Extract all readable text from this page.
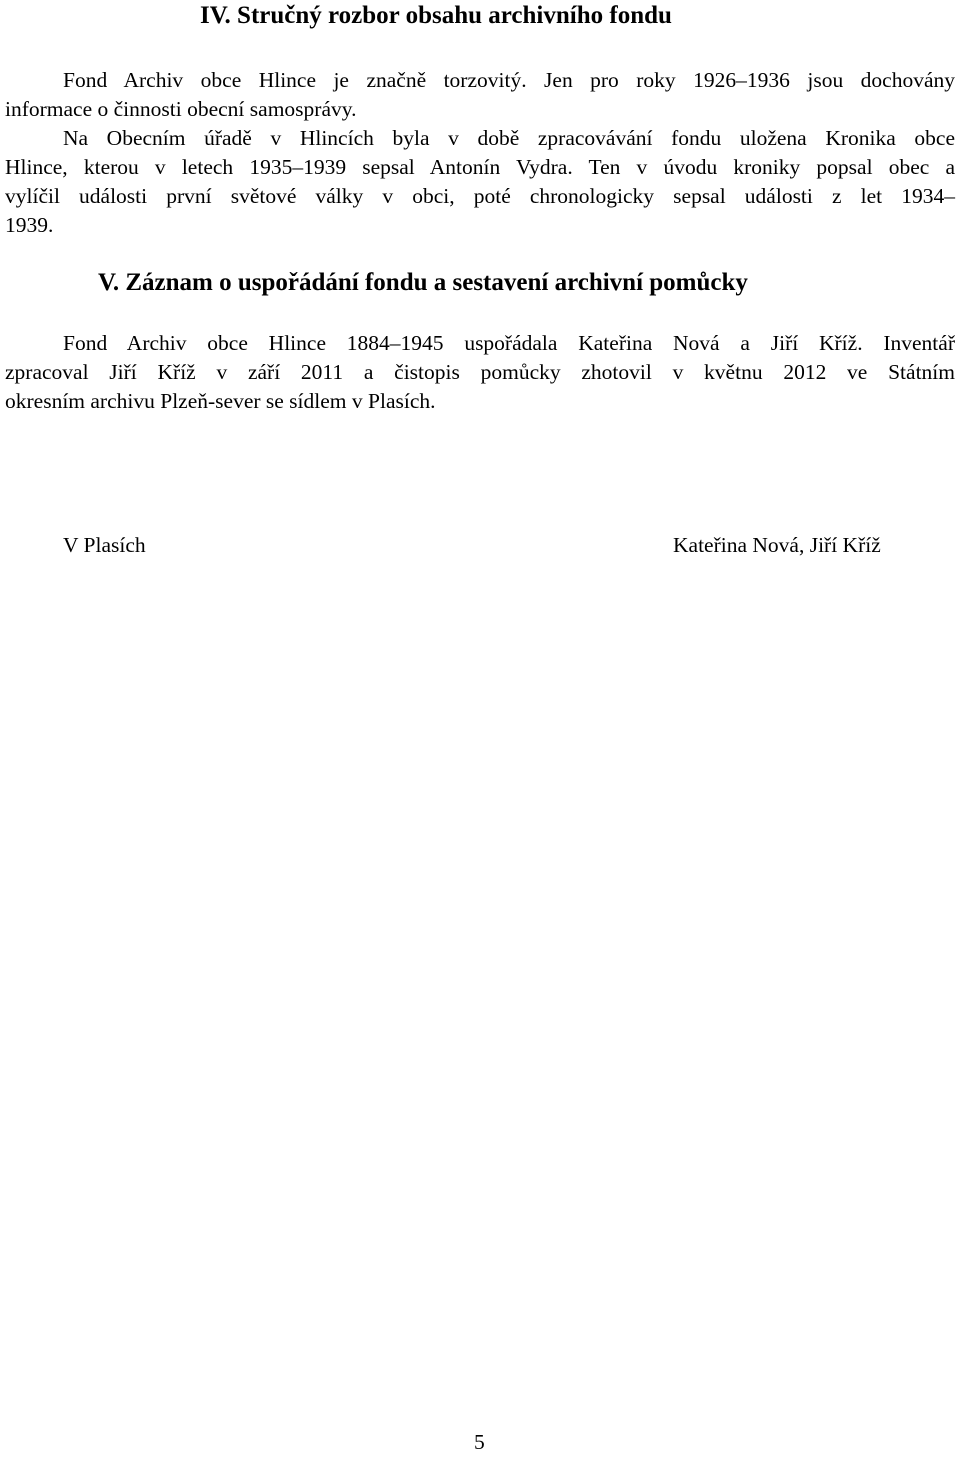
IV. Stručný rozbor obsahu archivního fondu

Fond Archiv obce Hlince je značně torzovitý. Jen pro roky 1926–1936 jsou dochovány
informace o činnosti obecní samosprávy.

Na Obecním úřadě v Hlincích byla v době zpracovávání fondu uložena Kronika obce
Hlince, kterou v letech 1935–1939 sepsal Antonín Vydra. Ten v úvodu kroniky popsal obec a
vylíčil události první světové války v obci, poté chronologicky sepsal události z let 1934–
1939.

V. Záznam o uspořádání fondu a sestavení archivní pomůcky

Fond Archiv obce Hlince 1884–1945 uspořádala Kateřina Nová a Jiří Kříž. Inventář
zpracoval Jiří Kříž v září 2011 a čistopis pomůcky zhotovil v květnu 2012 ve Státním
okresním archivu Plzeň-sever se sídlem v Plasích.

V Plasích	Kateřina Nová, Jiří Kříž

5
